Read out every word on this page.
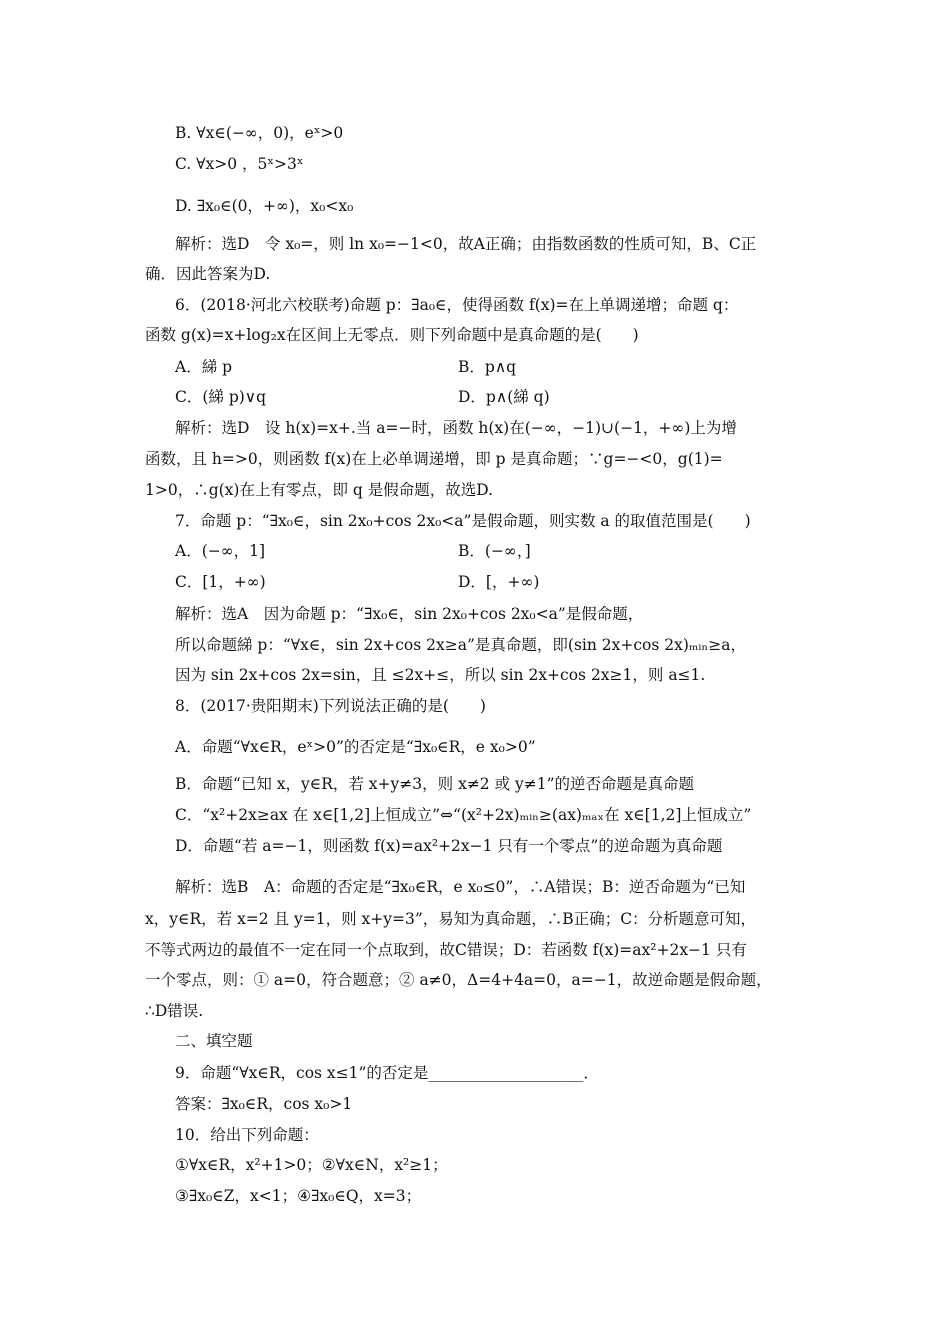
B. ∀x∈(−∞，0)，eˣ>0
C. ∀x>0 ，5ˣ>3ˣ
D. ∃x₀∈(0，+∞)，x₀<x₀
解析：选D　令 x₀=，则 ln x₀=−1<0，故A正确；由指数函数的性质可知，B、C正
确．因此答案为D.
6．(2018·河北六校联考)命题 p：∃a₀∈，使得函数 f(x)=在上单调递增；命题 q：
函数 g(x)=x+log₂x在区间上无零点．则下列命题中是真命题的是(　　)
A．綈 p	B．p∧q
C．(綈 p)∨q	D．p∧(綈 q)
解析：选D　设 h(x)=x+.当 a=−时，函数 h(x)在(−∞，−1)∪(−1，+∞)上为增
函数，且 h=>0，则函数 f(x)在上必单调递增，即 p 是真命题；∵g=−<0，g(1)=
1>0，∴g(x)在上有零点，即 q 是假命题，故选D.
7．命题 p：“∃x₀∈，sin 2x₀+cos 2x₀<a”是假命题，则实数 a 的取值范围是(　　)
A．(−∞，1]	B．(−∞，]
C．[1，+∞)	D．[，+∞)
解析：选A　因为命题 p：“∃x₀∈，sin 2x₀+cos 2x₀<a”是假命题，
所以命题綈 p：“∀x∈，sin 2x+cos 2x≥a”是真命题，即(sin 2x+cos 2x)ₘᵢₙ≥a，
因为 sin 2x+cos 2x=sin，且 ≤2x+≤，所以 sin 2x+cos 2x≥1，则 a≤1.
8．(2017·贵阳期末)下列说法正确的是(　　)
A．命题“∀x∈R，eˣ>0”的否定是“∃x₀∈R，e x₀>0”
B．命题“已知 x，y∈R，若 x+y≠3，则 x≠2 或 y≠1”的逆否命题是真命题
C．“x²+2x≥ax 在 x∈[1,2]上恒成立”⇔“(x²+2x)ₘᵢₙ≥(ax)ₘₐₓ在 x∈[1,2]上恒成立”
D．命题“若 a=−1，则函数 f(x)=ax²+2x−1 只有一个零点”的逆命题为真命题
解析：选B　A：命题的否定是“∃x₀∈R，e x₀≤0”，∴A错误；B：逆否命题为“已知
x，y∈R，若 x=2 且 y=1，则 x+y=3”，易知为真命题，∴B正确；C：分析题意可知，
不等式两边的最值不一定在同一个点取到，故C错误；D：若函数 f(x)=ax²+2x−1 只有
一个零点，则：① a=0，符合题意；② a≠0，Δ=4+4a=0，a=−1，故逆命题是假命题，
∴D错误.
二、填空题
9．命题“∀x∈R，cos x≤1”的否定是____________________．
答案：∃x₀∈R，cos x₀>1
10．给出下列命题：
①∀x∈R，x²+1>0；②∀x∈N，x²≥1；
③∃x₀∈Z，x<1；④∃x₀∈Q，x=3；
